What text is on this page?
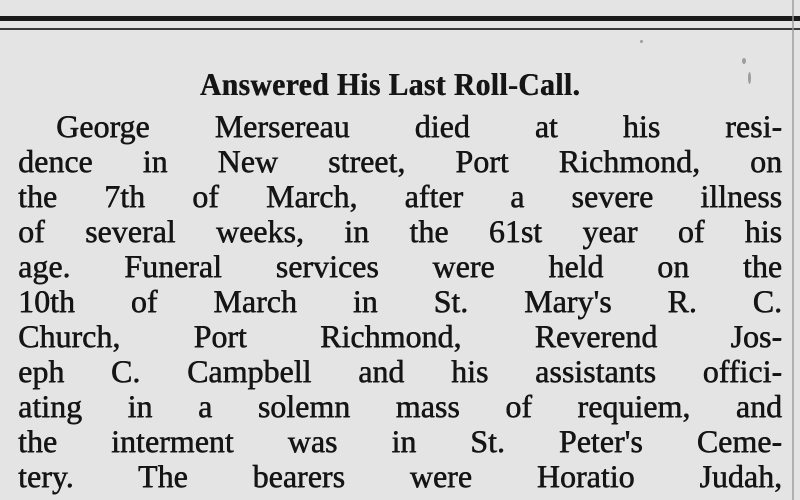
Answered His Last Roll-Call.
George Mersereau died at his resi-
dence in New street, Port Richmond, on
the 7th of March, after a severe illness
of several weeks, in the 61st year of his
age. Funeral services were held on the
10th of March in St. Mary's R. C.
Church, Port Richmond, Reverend Jos-
eph C. Campbell and his assistants offici-
ating in a solemn mass of requiem, and
the interment was in St. Peter's Ceme-
tery. The bearers were Horatio Judah,
